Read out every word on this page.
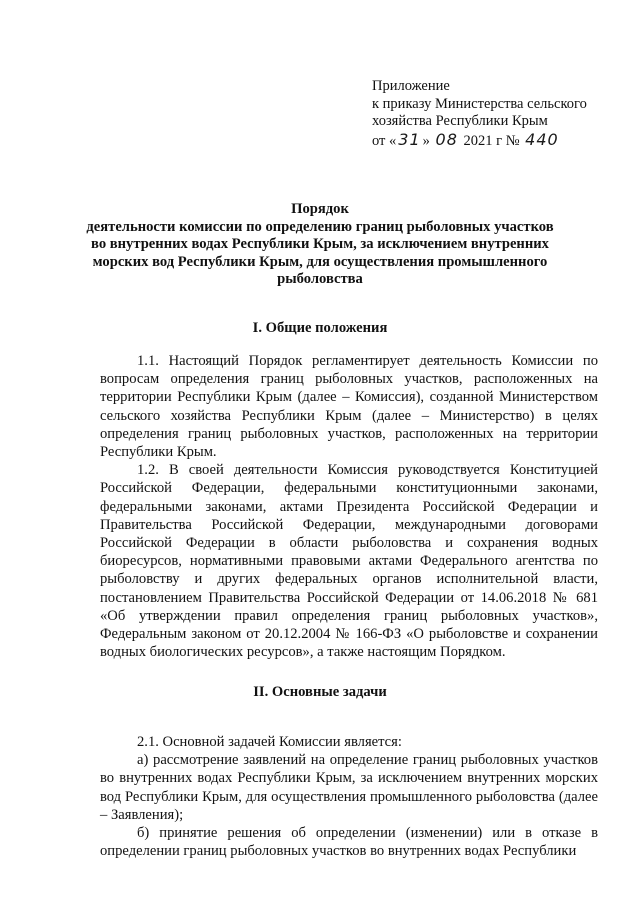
Приложение
к приказу Министерства сельского
хозяйства Республики Крым
от « 31 » 08 2021 г № 440
Порядок
деятельности комиссии по определению границ рыболовных участков
во внутренних водах Республики Крым, за исключением внутренних
морских вод Республики Крым, для осуществления промышленного
рыболовства
I. Общие положения

1.1. Настоящий Порядок регламентирует деятельность Комиссии по вопросам определения границ рыболовных участков, расположенных на территории Республики Крым (далее – Комиссия), созданной Министерством сельского хозяйства Республики Крым (далее – Министерство) в целях определения границ рыболовных участков, расположенных на территории Республики Крым.

1.2. В своей деятельности Комиссия руководствуется Конституцией Российской Федерации, федеральными конституционными законами, федеральными законами, актами Президента Российской Федерации и Правительства Российской Федерации, международными договорами Российской Федерации в области рыболовства и сохранения водных биоресурсов, нормативными правовыми актами Федерального агентства по рыболовству и других федеральных органов исполнительной власти, постановлением Правительства Российской Федерации от 14.06.2018 № 681 «Об утверждении правил определения границ рыболовных участков», Федеральным законом от 20.12.2004 № 166-ФЗ «О рыболовстве и сохранении водных биологических ресурсов», а также настоящим Порядком.

II. Основные задачи

2.1. Основной задачей Комиссии является:

а) рассмотрение заявлений на определение границ рыболовных участков во внутренних водах Республики Крым, за исключением внутренних морских вод Республики Крым, для осуществления промышленного рыболовства (далее – Заявления);

б) принятие решения об определении (изменении) или в отказе в определении границ рыболовных участков во внутренних водах Республики
